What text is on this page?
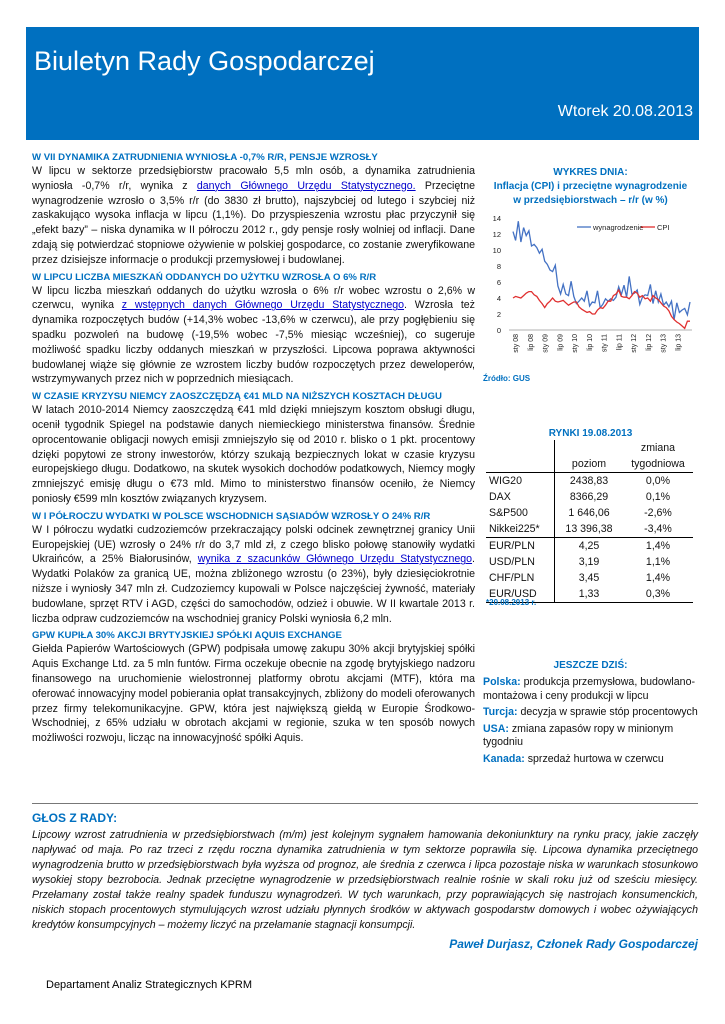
Biuletyn Rady Gospodarczej
Wtorek 20.08.2013
W VII DYNAMIKA ZATRUDNIENIA WYNIOSŁA -0,7% R/R, PENSJE WZROSŁY

W lipcu w sektorze przedsiębiorstw pracowało 5,5 mln osób, a dynamika zatrudnienia wyniosła -0,7% r/r, wynika z danych Głównego Urzędu Statystycznego. Przeciętne wynagrodzenie wzrosło o 3,5% r/r (do 3830 zł brutto), najszybciej od lutego i szybciej niż zaskakująco wysoka inflacja w lipcu (1,1%). Do przyspieszenia wzrostu płac przyczynił się „efekt bazy” – niska dynamika w II półroczu 2012 r., gdy pensje rosły wolniej od inflacji. Dane zdają się potwierdzać stopniowe ożywienie w polskiej gospodarce, co zostanie zweryfikowane przez dzisiejsze informacje o produkcji przemysłowej i budowlanej.

W LIPCU LICZBA MIESZKAŃ ODDANYCH DO UŻYTKU WZROSŁA O 6% R/R

W lipcu liczba mieszkań oddanych do użytku wzrosła o 6% r/r wobec wzrostu o 2,6% w czerwcu, wynika z wstępnych danych Głównego Urzędu Statystycznego. Wzrosła też dynamika rozpoczętych budów (+14,3% wobec -13,6% w czerwcu), ale przy pogłębieniu się spadku pozwoleń na budowę (-19,5% wobec -7,5% miesiąc wcześniej), co sugeruje możliwość spadku liczby oddanych mieszkań w przyszłości. Lipcowa poprawa aktywności budowlanej wiąże się głównie ze wzrostem liczby budów rozpoczętych przez deweloperów, wstrzymywanych przez nich w poprzednich miesiącach.

W CZASIE KRYZYSU NIEMCY ZAOSZCZĘDZĄ €41 MLD NA NIŻSZYCH KOSZTACH DŁUGU

W latach 2010-2014 Niemcy zaoszczędzą €41 mld dzięki mniejszym kosztom obsługi długu, ocenił tygodnik Spiegel na podstawie danych niemieckiego ministerstwa finansów. Średnie oprocentowanie obligacji nowych emisji zmniejszyło się od 2010 r. blisko o 1 pkt. procentowy dzięki popytowi ze strony inwestorów, którzy szukają bezpiecznych lokat w czasie kryzysu europejskiego długu. Dodatkowo, na skutek wysokich dochodów podatkowych, Niemcy mogły zmniejszyć emisję długu o €73 mld. Mimo to ministerstwo finansów oceniło, że Niemcy poniosły €599 mln kosztów związanych kryzysem.

W I PÓŁROCZU WYDATKI W POLSCE WSCHODNICH SĄSIADÓW WZROSŁY O 24% R/R

W I półroczu wydatki cudzoziemców przekraczający polski odcinek zewnętrznej granicy Unii Europejskiej (UE) wzrosły o 24% r/r do 3,7 mld zł, z czego blisko połowę stanowiły wydatki Ukraińców, a 25% Białorusinów, wynika z szacunków Głównego Urzędu Statystycznego. Wydatki Polaków za granicą UE, można zbliżonego wzrostu (o 23%), były dziesięciokrotnie niższe i wyniosły 347 mln zł. Cudzoziemcy kupowali w Polsce najczęściej żywność, materiały budowlane, sprzęt RTV i AGD, części do samochodów, odzież i obuwie. W II kwartale 2013 r. liczba odpraw cudzoziemców na wschodniej granicy Polski wyniosła 6,2 mln.

GPW KUPIŁA 30% AKCJI BRYTYJSKIEJ SPÓŁKI AQUIS EXCHANGE

Giełda Papierów Wartościowych (GPW) podpisała umowę zakupu 30% akcji brytyjskiej spółki Aquis Exchange Ltd. za 5 mln funtów. Firma oczekuje obecnie na zgodę brytyjskiego nadzoru finansowego na uruchomienie wielostronnej platformy obrotu akcjami (MTF), która ma oferować innowacyjny model pobierania opłat transakcyjnych, zbliżony do modeli oferowanych przez firmy telekomunikacyjne. GPW, która jest największą giełdą w Europie Środkowo-Wschodniej, z 65% udziału w obrotach akcjami w regionie, szuka w ten sposób nowych możliwości rozwoju, licząc na innowacyjność spółki Aquis.

WYKRES DNIA:
Inflacja (CPI) i przeciętne wynagrodzenie
w przedsiębiorstwach – r/r (w %)
14
12
10
8
6
4
2
0
wynagrodzenie CPI
sty 08 lip 08 sty 09 lip 09 sty 10 lip 10 sty 11 lip 11 sty 12 lip 12 sty 13 lip 13
Źródło: GUS
RYNKI 19.08.2013
		zmiana
	poziom	tygodniowa
WIG20	2438,83	0,0%
DAX	8366,29	0,1%
S&P500	1 646,06	-2,6%
Nikkei225*	13 396,38	-3,4%
EUR/PLN	4,25	1,4%
USD/PLN	3,19	1,1%
CHF/PLN	3,45	1,4%
EUR/USD	1,33	0,3%
*20.08.2013 r.
JESZCZE DZIŚ:
Polska: produkcja przemysłowa, budowlano-montażowa i ceny produkcji w lipcu
Turcja: decyzja w sprawie stóp procentowych
USA: zmiana zapasów ropy w minionym tygodniu
Kanada: sprzedaż hurtowa w czerwcu
GŁOS Z RADY:
Lipcowy wzrost zatrudnienia w przedsiębiorstwach (m/m) jest kolejnym sygnałem hamowania dekoniunktury na rynku pracy, jakie zaczęły napływać od maja. Po raz trzeci z rzędu roczna dynamika zatrudnienia w tym sektorze poprawiła się. Lipcowa dynamika przeciętnego wynagrodzenia brutto w przedsiębiorstwach była wyższa od prognoz, ale średnia z czerwca i lipca pozostaje niska w warunkach stosunkowo wysokiej stopy bezrobocia. Jednak przeciętne wynagrodzenie w przedsiębiorstwach realnie rośnie w skali roku już od sześciu miesięcy. Przełamany został także realny spadek funduszu wynagrodzeń. W tych warunkach, przy poprawiających się nastrojach konsumenckich, niskich stopach procentowych stymulujących wzrost udziału płynnych środków w aktywach gospodarstw domowych i wobec ożywiających kredytów konsumpcyjnych – możemy liczyć na przełamanie stagnacji konsumpcji.
Paweł Durjasz, Członek Rady Gospodarczej
Departament Analiz Strategicznych KPRM
